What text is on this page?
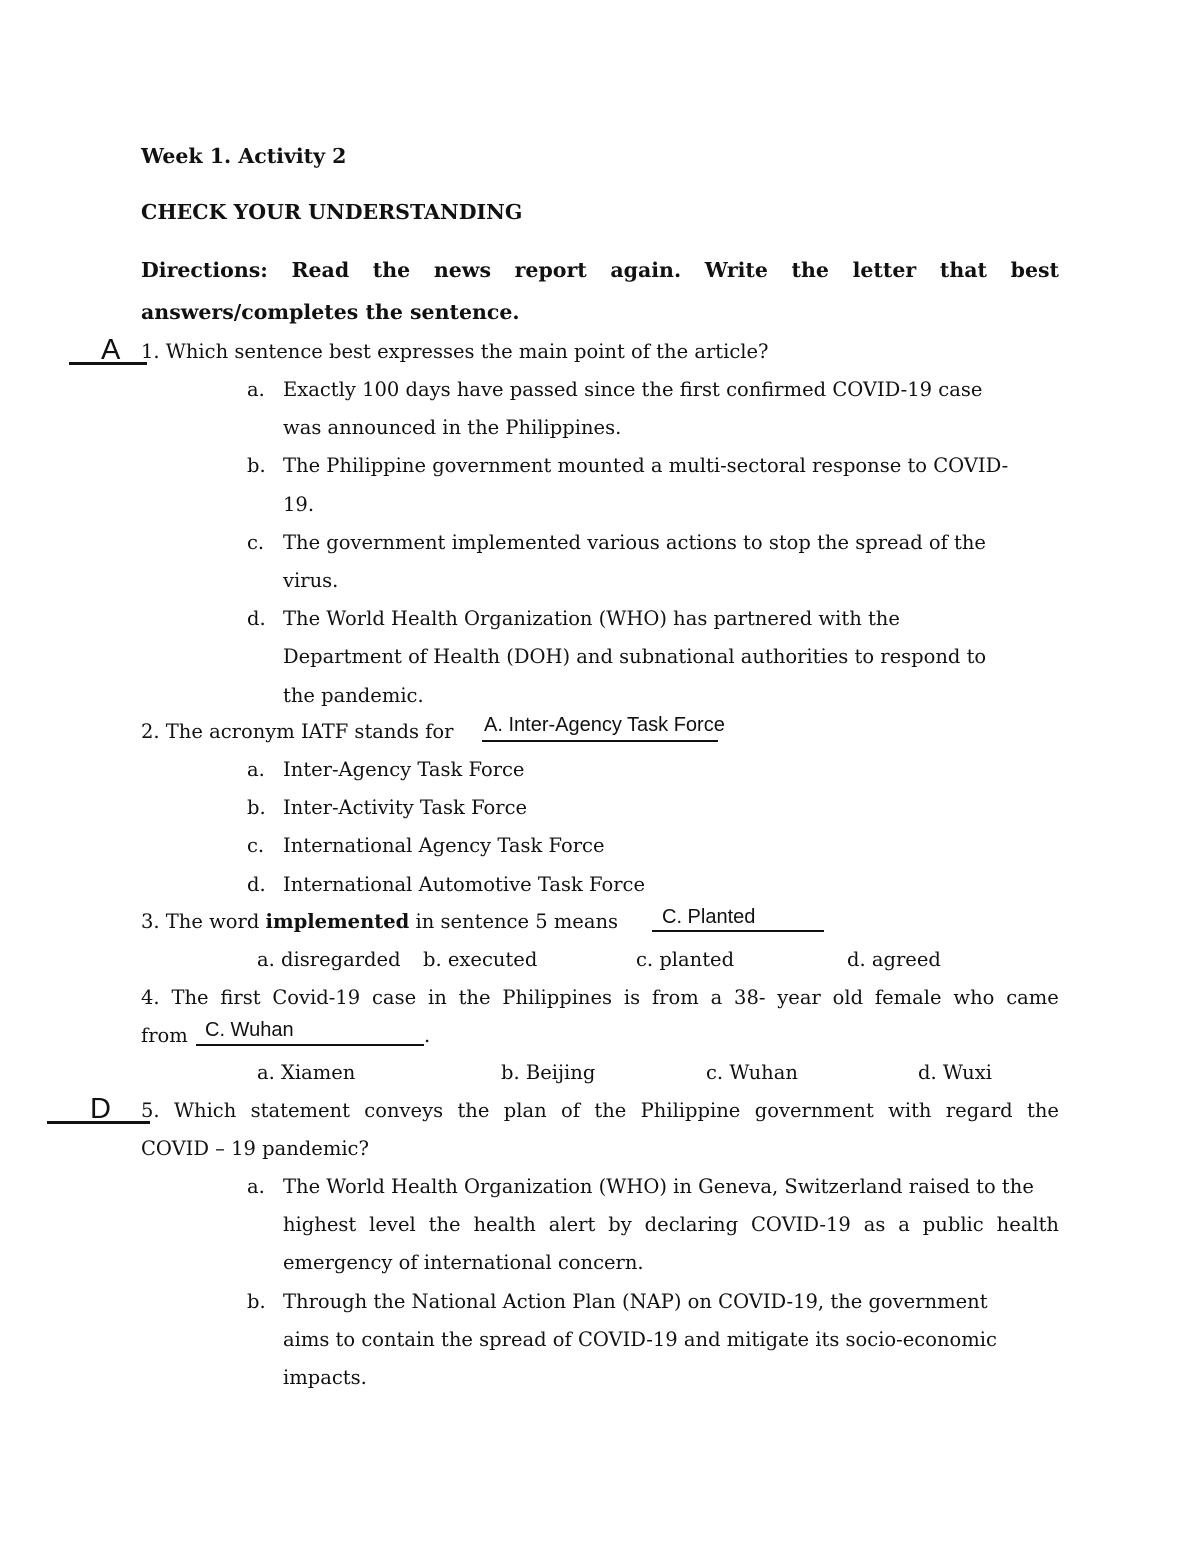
Week 1. Activity 2
CHECK YOUR UNDERSTANDING
Directions: Read the news report again. Write the letter that best
answers/completes the sentence.
A 1. Which sentence best expresses the main point of the article?
a. Exactly 100 days have passed since the first confirmed COVID-19 case
was announced in the Philippines.
b. The Philippine government mounted a multi-sectoral response to COVID-
19.
c. The government implemented various actions to stop the spread of the
virus.
d. The World Health Organization (WHO) has partnered with the
Department of Health (DOH) and subnational authorities to respond to
the pandemic.
2. The acronym IATF stands for A. Inter-Agency Task Force
a. Inter-Agency Task Force
b. Inter-Activity Task Force
c. International Agency Task Force
d. International Automotive Task Force
3. The word implemented in sentence 5 means C. Planted
a. disregarded b. executed	c. planted	d. agreed
4. The first Covid-19 case in the Philippines is from a 38- year old female who came
from	.
C. Wuhan
a. Xiamen	b. Beijing	c. Wuhan	d. Wuxi
D 5. Which statement conveys the plan of the Philippine government with regard the
COVID – 19 pandemic?
a. The World Health Organization (WHO) in Geneva, Switzerland raised to the
highest level the health alert by declaring COVID-19 as a public health
emergency of international concern.
b. Through the National Action Plan (NAP) on COVID-19, the government
aims to contain the spread of COVID-19 and mitigate its socio-economic
impacts.
